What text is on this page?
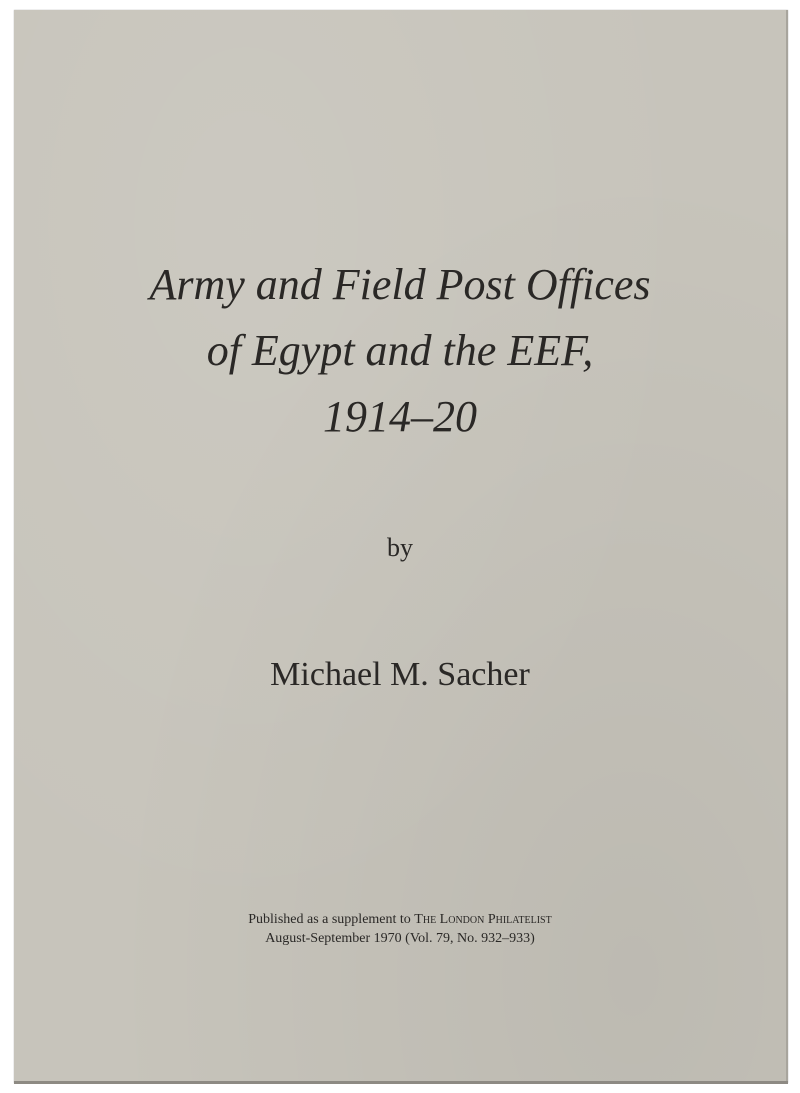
Army and Field Post Offices
of Egypt and the EEF,
1914–20
by
Michael M. Sacher
Published as a supplement to The London Philatelist
August-September 1970 (Vol. 79, No. 932–933)
